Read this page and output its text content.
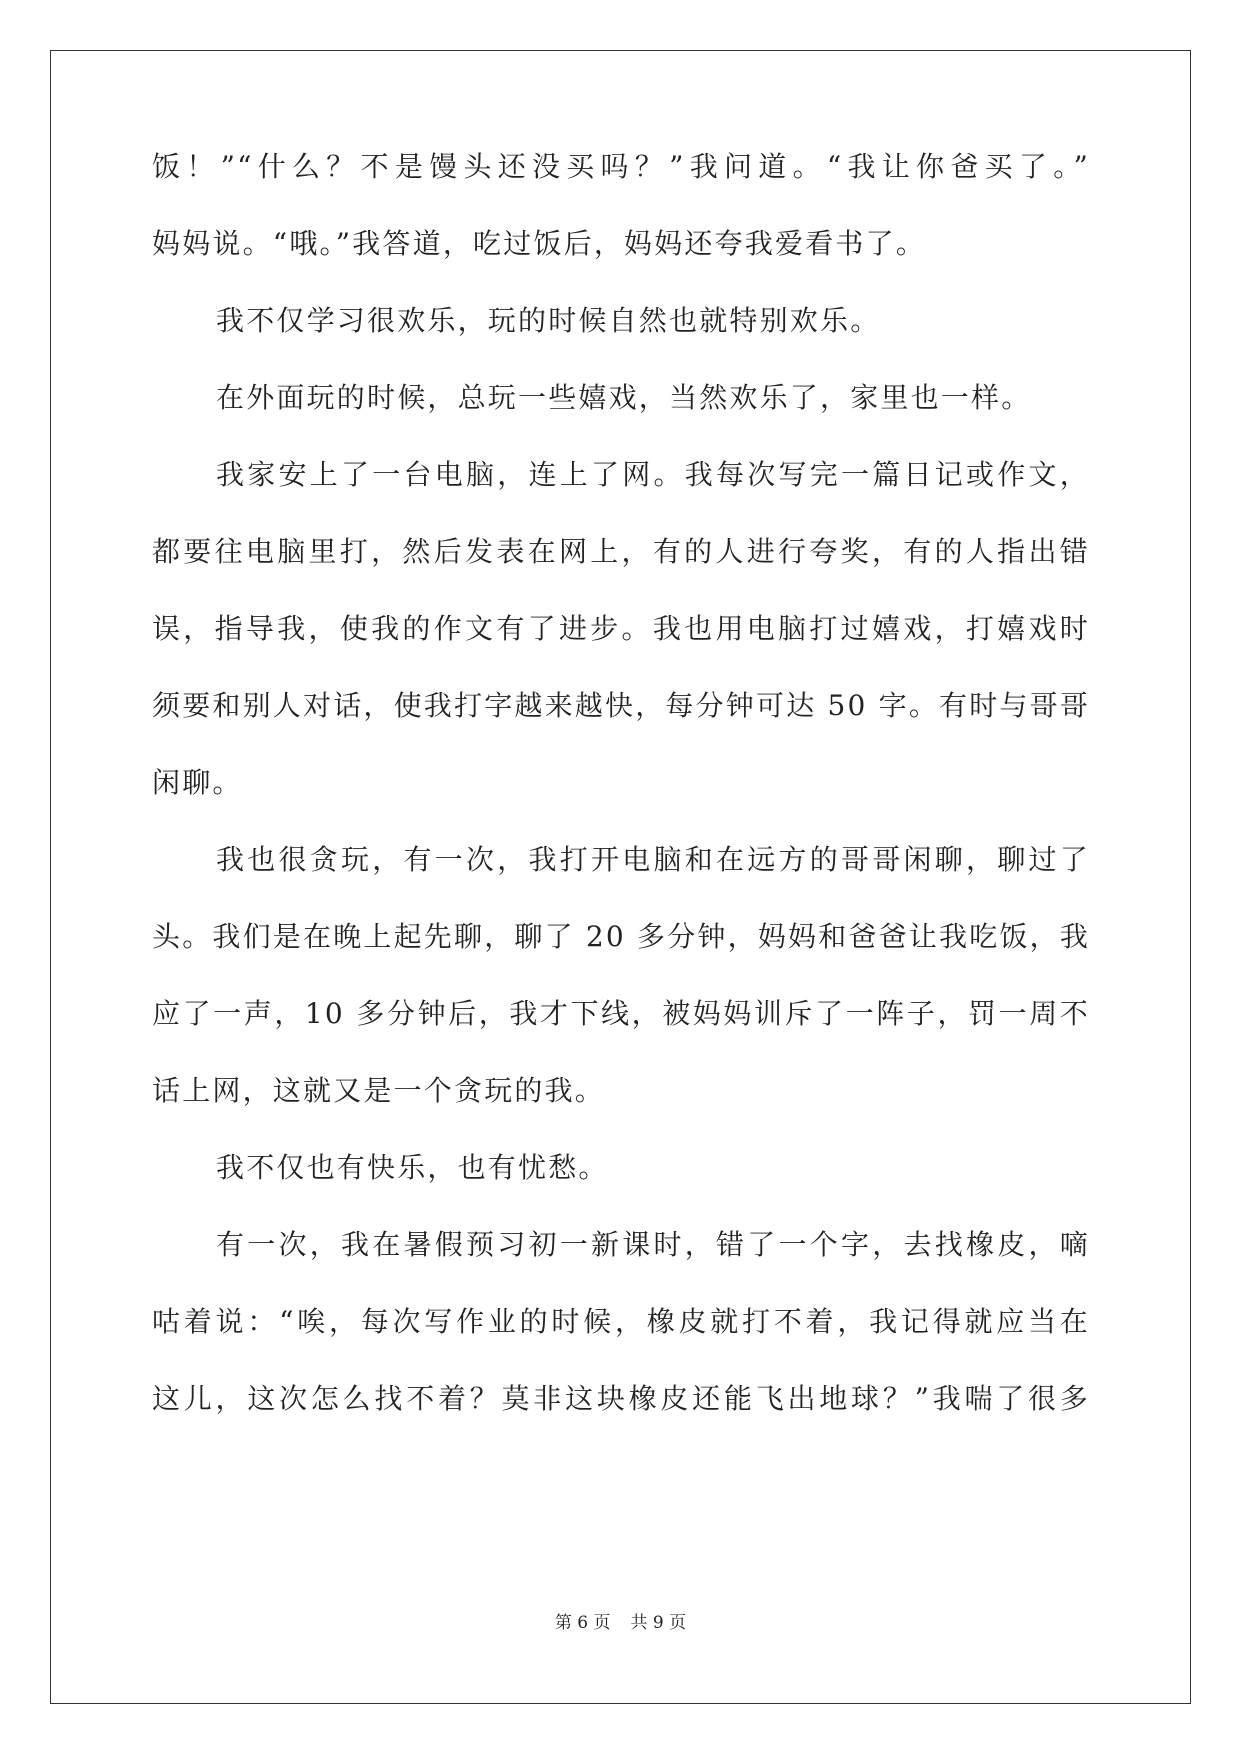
饭！”“什么？不是馒头还没买吗？”我问道。“我让你爸买了。”
妈妈说。“哦。”我答道，吃过饭后，妈妈还夸我爱看书了。
我不仅学习很欢乐，玩的时候自然也就特别欢乐。
在外面玩的时候，总玩一些嬉戏，当然欢乐了，家里也一样。
我家安上了一台电脑，连上了网。我每次写完一篇日记或作文，
都要往电脑里打，然后发表在网上，有的人进行夸奖，有的人指出错
误，指导我，使我的作文有了进步。我也用电脑打过嬉戏，打嬉戏时
须要和别人对话，使我打字越来越快，每分钟可达 50 字。有时与哥哥
闲聊。
我也很贪玩，有一次，我打开电脑和在远方的哥哥闲聊，聊过了
头。我们是在晚上起先聊，聊了 20 多分钟，妈妈和爸爸让我吃饭，我
应了一声，10 多分钟后，我才下线，被妈妈训斥了一阵子，罚一周不
话上网，这就又是一个贪玩的我。
我不仅也有快乐，也有忧愁。
有一次，我在暑假预习初一新课时，错了一个字，去找橡皮，嘀
咕着说：“唉，每次写作业的时候，橡皮就打不着，我记得就应当在
这儿，这次怎么找不着？莫非这块橡皮还能飞出地球？”我喘了很多
第 6 页 共 9 页
